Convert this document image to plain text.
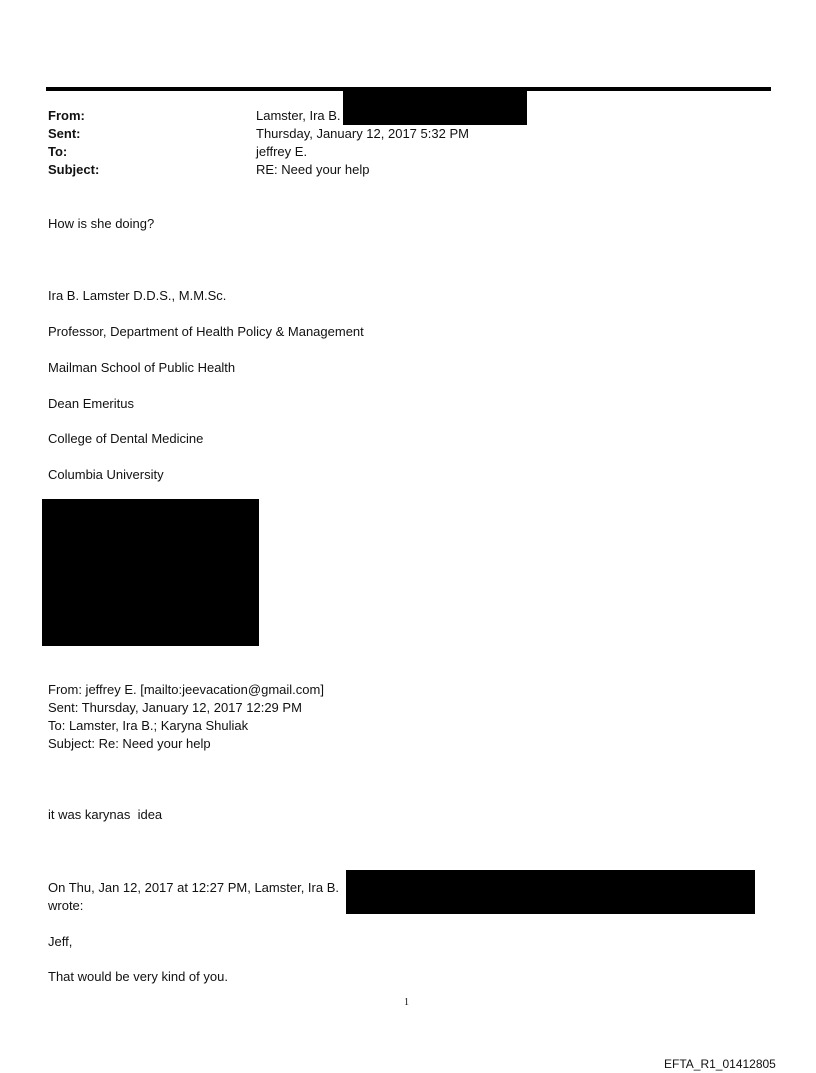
From:	Lamster, Ira B.
Sent:	Thursday, January 12, 2017 5:32 PM
To:	jeffrey E.
Subject:	RE: Need your help
How is she doing?
Ira B. Lamster D.D.S., M.M.Sc.
Professor, Department of Health Policy & Management
Mailman School of Public Health
Dean Emeritus
College of Dental Medicine
Columbia University
From: jeffrey E. [mailto:jeevacation@gmail.com]
Sent: Thursday, January 12, 2017 12:29 PM
To: Lamster, Ira B.; Karyna Shuliak
Subject: Re: Need your help
it was karynas  idea
On Thu, Jan 12, 2017 at 12:27 PM, Lamster, Ira B.
wrote:
Jeff,
That would be very kind of you.
1
EFTA_R1_01412805
